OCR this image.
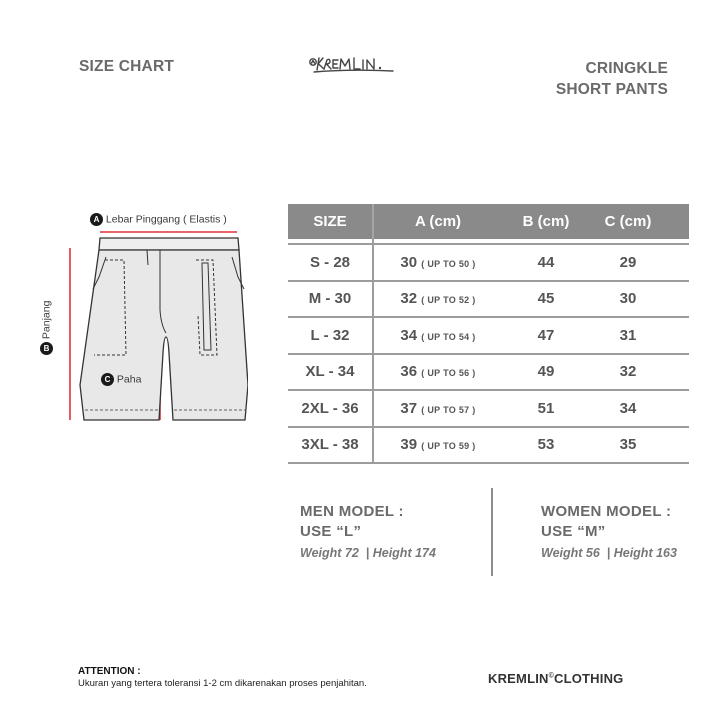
SIZE CHART	CRINGKLE
SHORT PANTS
A Lebar Pinggang ( Elastis )
B Panjang
C Paha
SIZE	A (cm)	B (cm)	C (cm)
S - 28	30 ( UP TO 50 )	44	29
M - 30	32 ( UP TO 52 )	45	30
L - 32	34 ( UP TO 54 )	47	31
XL - 34	36 ( UP TO 56 )	49	32
2XL - 36	37 ( UP TO 57 )	51	34
3XL - 38	39 ( UP TO 59 )	53	35
MEN MODEL :
USE “L”
Weight 72  | Height 174
WOMEN MODEL :
USE “M”
Weight 56  | Height 163
ATTENTION :
Ukuran yang tertera toleransi 1-2 cm dikarenakan proses penjahitan.	KREMLIN©CLOTHING
